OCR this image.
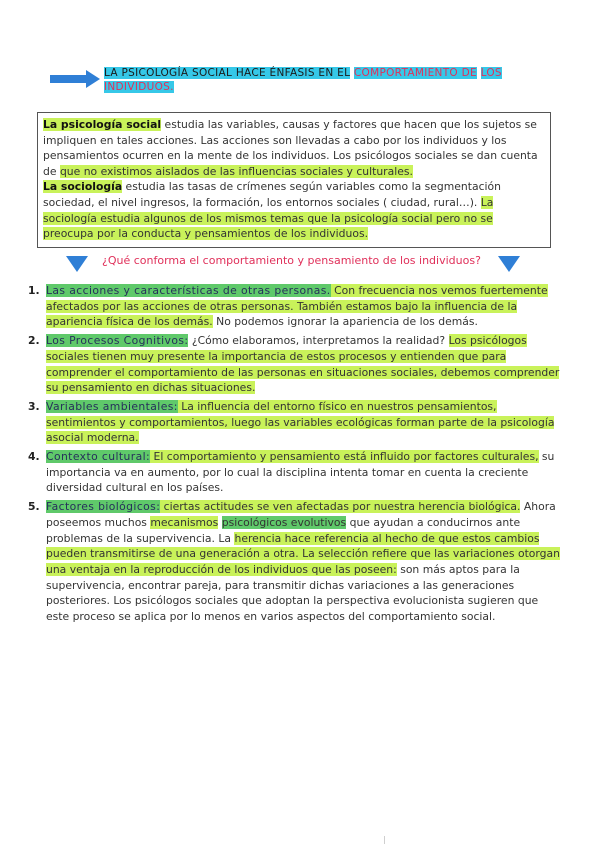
LA PSICOLOGÍA SOCIAL HACE ÉNFASIS EN EL COMPORTAMIENTO DE LOS INDIVIDUOS.

La psicología social estudia las variables, causas y factores que hacen que los sujetos se impliquen en tales acciones. Las acciones son llevadas a cabo por los individuos y los pensamientos ocurren en la mente de los individuos. Los psicólogos sociales se dan cuenta de que no existimos aislados de las influencias sociales y culturales.

La sociología estudia las tasas de crímenes según variables como la segmentación sociedad, el nivel ingresos, la formación, los entornos sociales ( ciudad, rural…). La sociología estudia algunos de los mismos temas que la psicología social pero no se preocupa por la conducta y pensamientos de los individuos.

¿Qué conforma el comportamiento y pensamiento de los individuos?
1. Las acciones y características de otras personas. Con frecuencia nos vemos fuertemente afectados por las acciones de otras personas. También estamos bajo la influencia de la apariencia física de los demás. No podemos ignorar la apariencia de los demás.
2. Los Procesos Cognitivos: ¿Cómo elaboramos, interpretamos la realidad? Los psicólogos sociales tienen muy presente la importancia de estos procesos y entienden que para comprender el comportamiento de las personas en situaciones sociales, debemos comprender su pensamiento en dichas situaciones.
3. Variables ambientales: La influencia del entorno físico en nuestros pensamientos, sentimientos y comportamientos, luego las variables ecológicas forman parte de la psicología asocial moderna.
4. Contexto cultural: El comportamiento y pensamiento está influido por factores culturales, su importancia va en aumento, por lo cual la disciplina intenta tomar en cuenta la creciente diversidad cultural en los países.
5. Factores biológicos: ciertas actitudes se ven afectadas por nuestra herencia biológica. Ahora poseemos muchos mecanismos psicológicos evolutivos que ayudan a conducirnos ante problemas de la supervivencia. La herencia hace referencia al hecho de que estos cambios pueden transmitirse de una generación a otra. La selección refiere que las variaciones otorgan una ventaja en la reproducción de los individuos que las poseen: son más aptos para la supervivencia, encontrar pareja, para transmitir dichas variaciones a las generaciones posteriores. Los psicólogos sociales que adoptan la perspectiva evolucionista sugieren que este proceso se aplica por lo menos en varios aspectos del comportamiento social.
